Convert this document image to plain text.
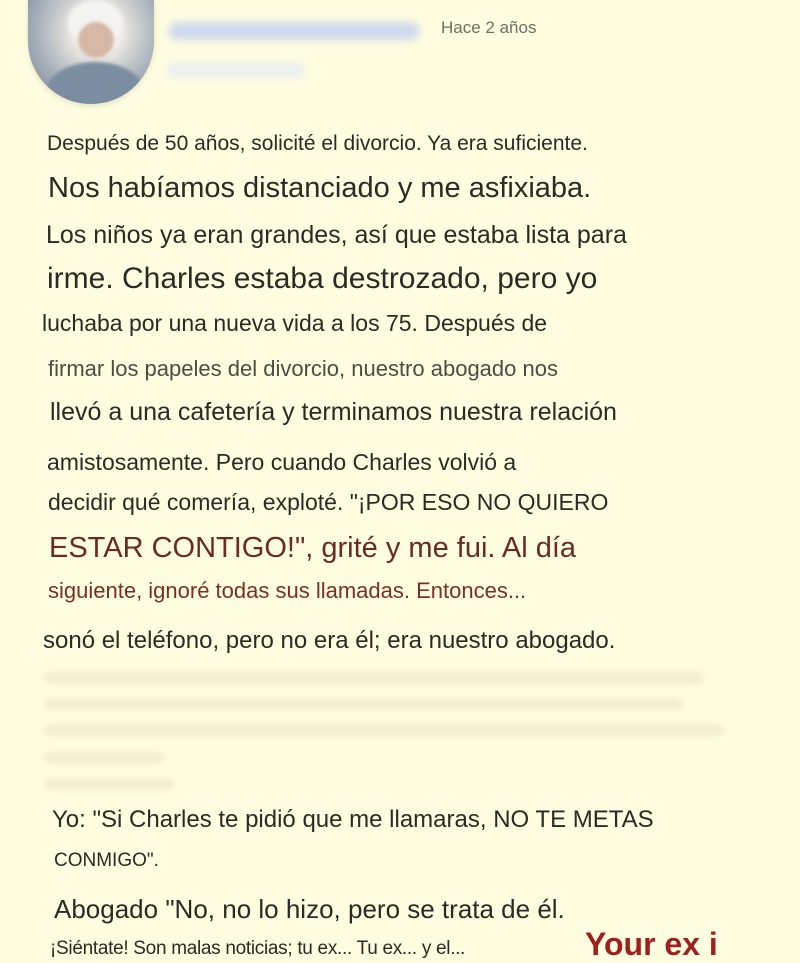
Hace 2 años
Después de 50 años, solicité el divorcio. Ya era suficiente.
Nos habíamos distanciado y me asfixiaba.
Los niños ya eran grandes, así que estaba lista para
irme. Charles estaba destrozado, pero yo
luchaba por una nueva vida a los 75. Después de
firmar los papeles del divorcio, nuestro abogado nos
llevó a una cafetería y terminamos nuestra relación
amistosamente. Pero cuando Charles volvió a
decidir qué comería, exploté. "¡POR ESO NO QUIERO
ESTAR CONTIGO!", grité y me fui. Al día
siguiente, ignoré todas sus llamadas. Entonces...
sonó el teléfono, pero no era él; era nuestro abogado.
Yo: "Si Charles te pidió que me llamaras, NO TE METAS
CONMIGO".
Abogado "No, no lo hizo, pero se trata de él.
¡Siéntate! Son malas noticias; tu ex... Tu ex... y el...	Your ex i
